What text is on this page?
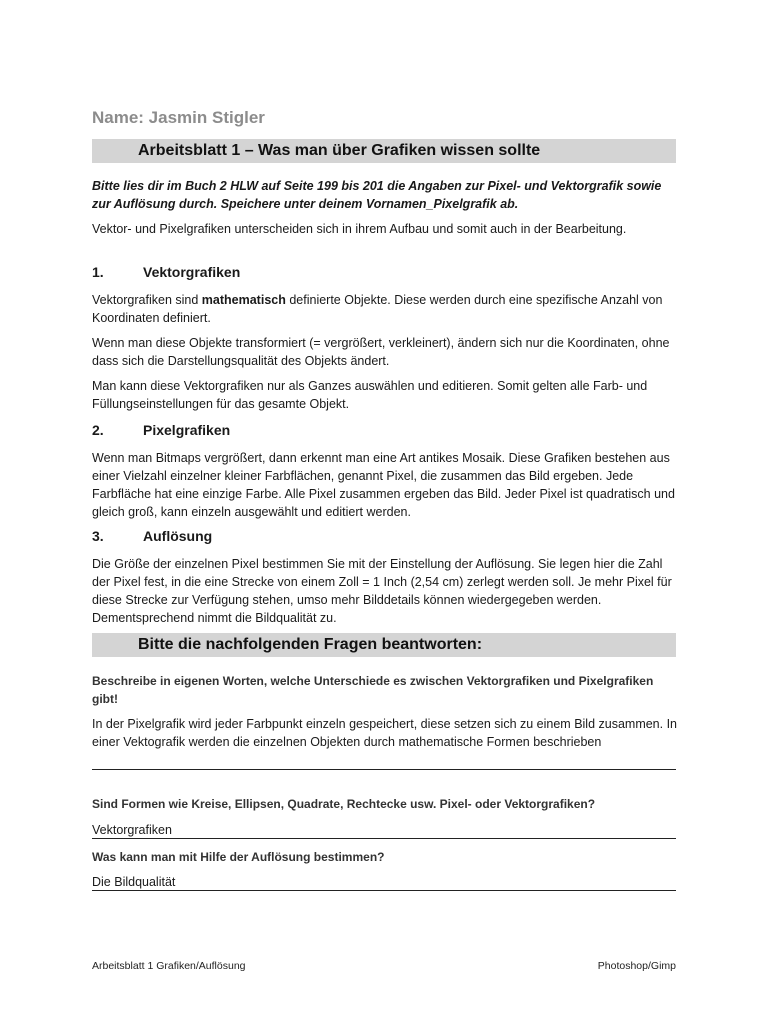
Name: Jasmin Stigler
Arbeitsblatt 1 – Was man über Grafiken wissen sollte
Bitte lies dir im Buch 2 HLW auf Seite 199 bis 201 die Angaben zur Pixel- und Vektorgrafik sowie zur Auflösung durch. Speichere unter deinem Vornamen_Pixelgrafik ab.
Vektor- und Pixelgrafiken unterscheiden sich in ihrem Aufbau und somit auch in der Bearbeitung.
1.	Vektorgrafiken
Vektorgrafiken sind mathematisch definierte Objekte. Diese werden durch eine spezifische Anzahl von Koordinaten definiert.
Wenn man diese Objekte transformiert (= vergrößert, verkleinert), ändern sich nur die Koordinaten, ohne dass sich die Darstellungsqualität des Objekts ändert.
Man kann diese Vektorgrafiken nur als Ganzes auswählen und editieren. Somit gelten alle Farb- und Füllungseinstellungen für das gesamte Objekt.
2.	Pixelgrafiken
Wenn man Bitmaps vergrößert, dann erkennt man eine Art antikes Mosaik. Diese Grafiken bestehen aus einer Vielzahl einzelner kleiner Farbflächen, genannt Pixel, die zusammen das Bild ergeben. Jede Farbfläche hat eine einzige Farbe. Alle Pixel zusammen ergeben das Bild. Jeder Pixel ist quadratisch und gleich groß, kann einzeln ausgewählt und editiert werden.
3.	Auflösung
Die Größe der einzelnen Pixel bestimmen Sie mit der Einstellung der Auflösung. Sie legen hier die Zahl der Pixel fest, in die eine Strecke von einem Zoll = 1 Inch (2,54 cm) zerlegt werden soll. Je mehr Pixel für diese Strecke zur Verfügung stehen, umso mehr Bilddetails können wiedergegeben werden. Dementsprechend nimmt die Bildqualität zu.
Bitte die nachfolgenden Fragen beantworten:
Beschreibe in eigenen Worten, welche Unterschiede es zwischen Vektorgrafiken und Pixelgrafiken gibt!
In der Pixelgrafik wird jeder Farbpunkt einzeln gespeichert, diese setzen sich zu einem Bild zusammen. In einer Vektografik werden die einzelnen Objekten durch mathematische Formen beschrieben
Sind Formen wie Kreise, Ellipsen, Quadrate, Rechtecke usw. Pixel- oder Vektorgrafiken?
Vektorgrafiken
Was kann man mit Hilfe der Auflösung bestimmen?
Die Bildqualität
Arbeitsblatt 1 Grafiken/Auflösung	Photoshop/Gimp
